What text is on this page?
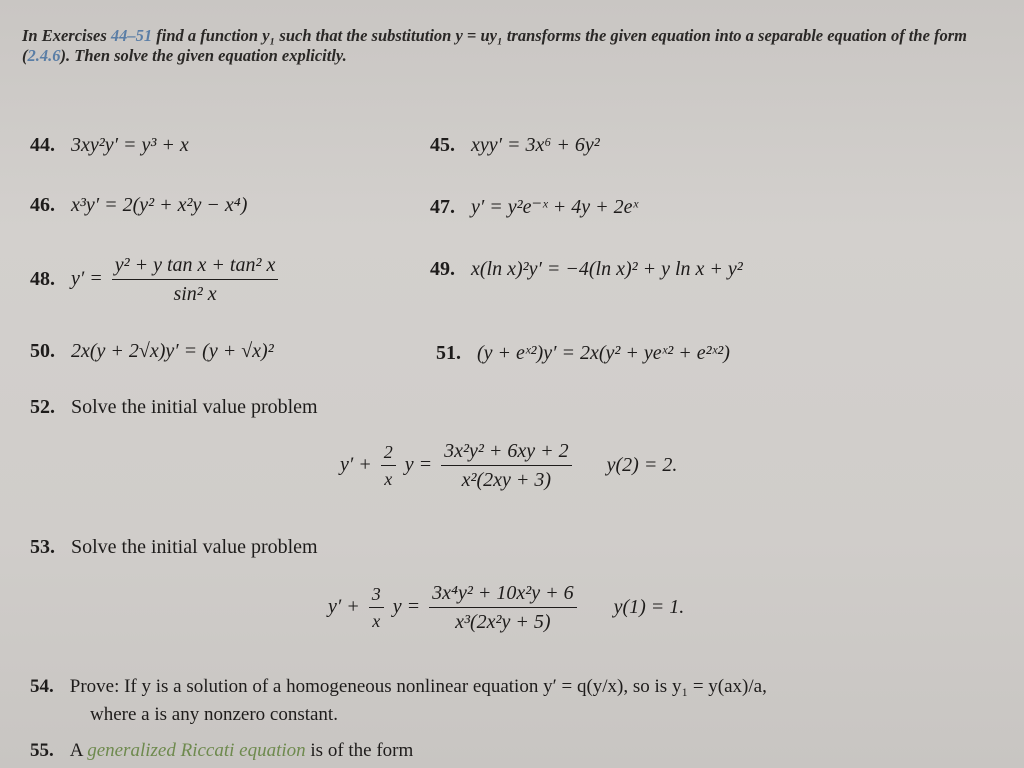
In Exercises 44–51 find a function y₁ such that the substitution y = uy₁ transforms the given equation into a separable equation of the form (2.4.6). Then solve the given equation explicitly.
44. 3xy²y′ = y³ + x	45. xyy′ = 3x⁶ + 6y²
46. x³y′ = 2(y² + x²y − x⁴)	47. y′ = y²e⁻ˣ + 4y + 2eˣ
48. $y' = \frac{\text{y² + y tan x + tan² x}}{\text{sin² x}}$	49. x(ln x)²y′ = −4(ln x)² + y ln x + y²
50. 2x(y + 2√x)y′ = (y + √x)²	51. (y + eˣ²)y′ = 2x(y² + yeˣ² + e²ˣ²)
52. Solve the initial value problem
$y' + \frac{2}{x}$ $y = \frac{\text{3x²y² + 6xy + 2}}{\text{x²(2xy + 3)}} y(2) = 2$.
53. Solve the initial value problem
$y' + \frac{3}{x}$ $y = \frac{\text{3x⁴y² + 10x²y + 6}}{\text{x³(2x²y + 5)}} y(1) = 1$.
54. Prove: If y is a solution of a homogeneous nonlinear equation y′ = q(y/x), so is y₁ = y(ax)/a,
where a is any nonzero constant.
55. A generalized Riccati equation is of the form
